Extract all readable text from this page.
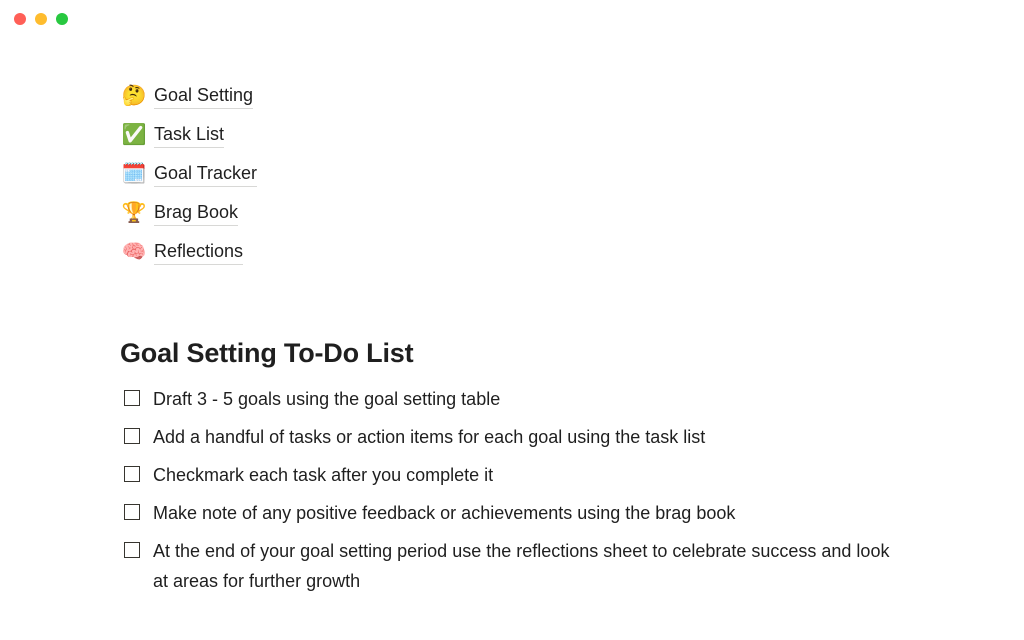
🤔 Goal Setting
✅ Task List
🗓️ Goal Tracker
🏆 Brag Book
🧠 Reflections
Goal Setting To-Do List
Draft 3 - 5 goals using the goal setting table
Add a handful of tasks or action items for each goal using the task list
Checkmark each task after you complete it
Make note of any positive feedback or achievements using the brag book
At the end of your goal setting period use the reflections sheet to celebrate success and look at areas for further growth
